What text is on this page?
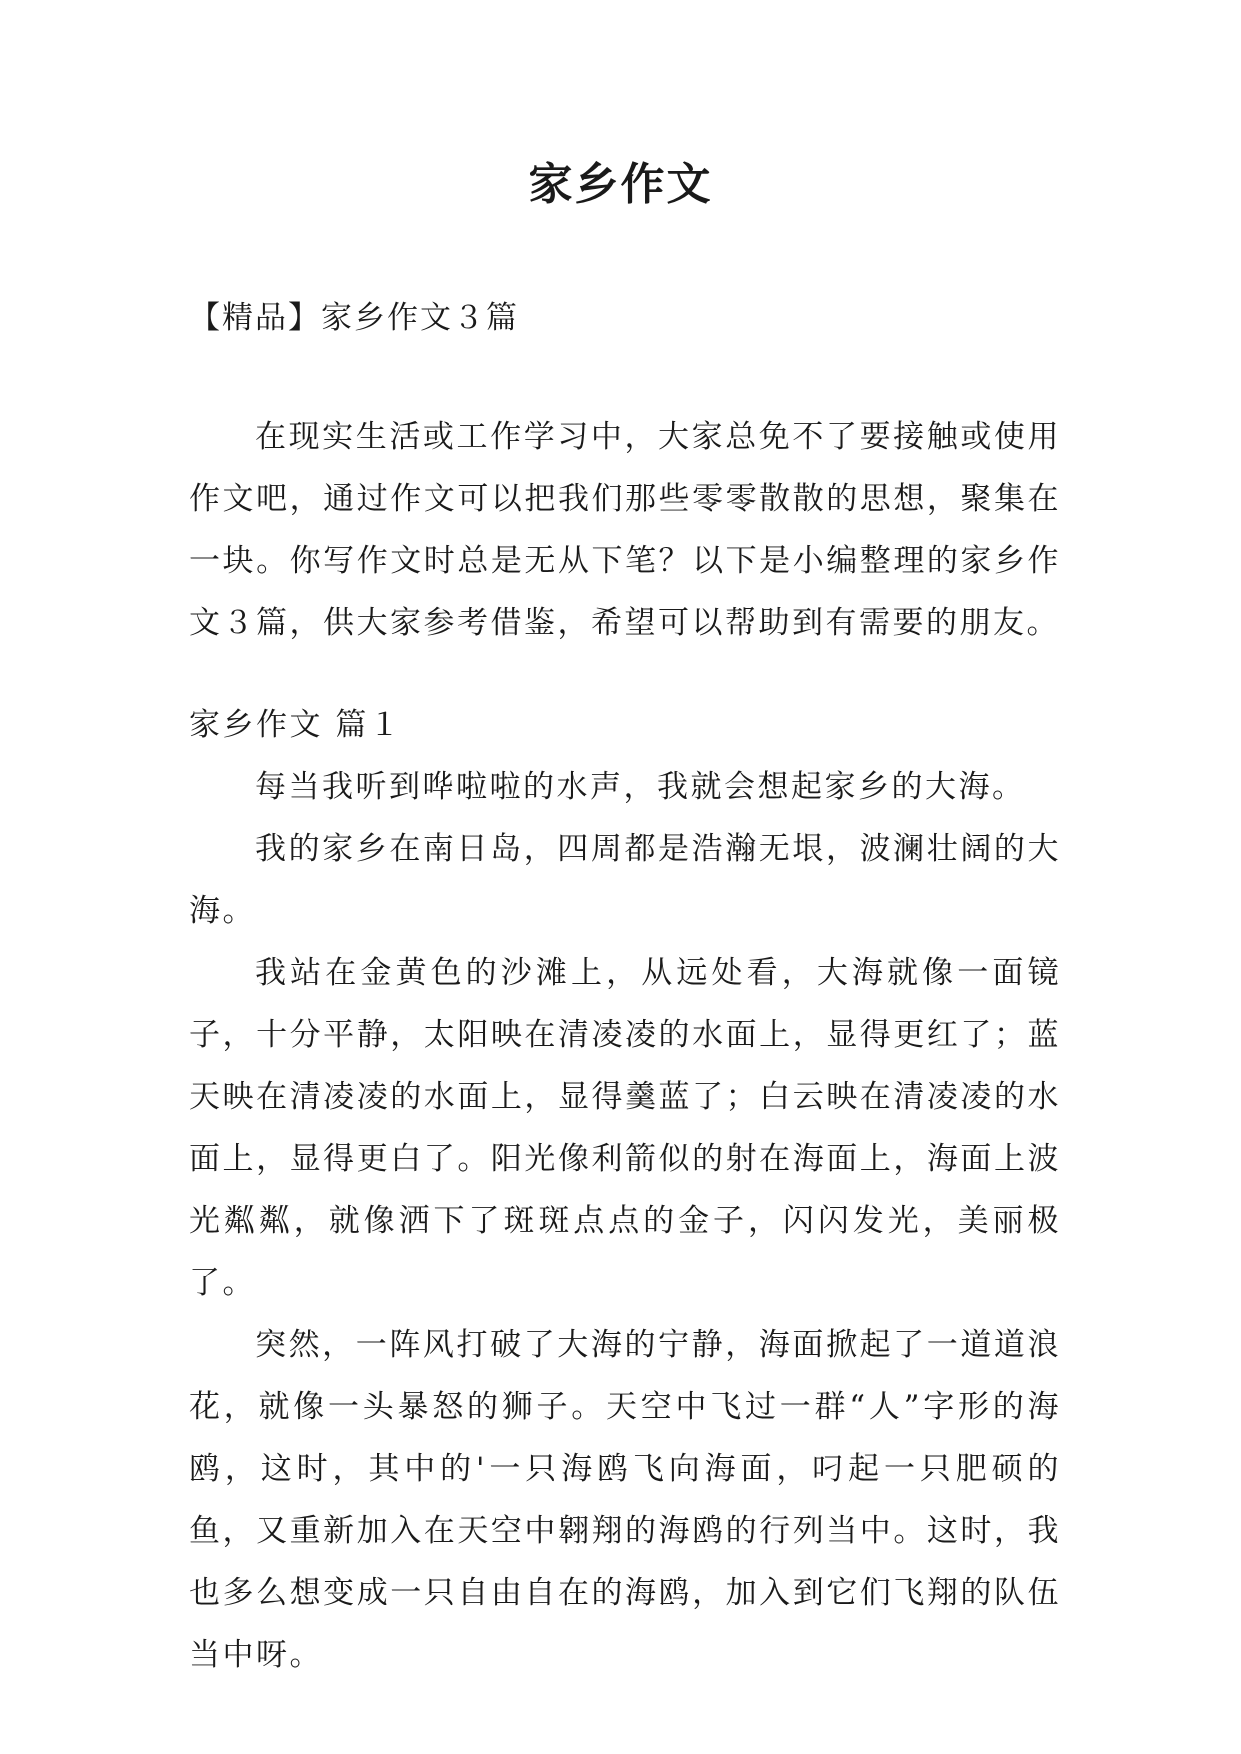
家乡作文
【精品】家乡作文３篇

在现实生活或工作学习中，大家总免不了要接触或使用作文吧，通过作文可以把我们那些零零散散的思想，聚集在一块。你写作文时总是无从下笔？以下是小编整理的家乡作文３篇，供大家参考借鉴，希望可以帮助到有需要的朋友。

家乡作文 篇１

每当我听到哗啦啦的水声，我就会想起家乡的大海。

我的家乡在南日岛，四周都是浩瀚无垠，波澜壮阔的大海。

我站在金黄色的沙滩上，从远处看，大海就像一面镜子，十分平静，太阳映在清凌凌的水面上，显得更红了；蓝天映在清凌凌的水面上，显得羹蓝了；白云映在清凌凌的水面上，显得更白了。阳光像利箭似的射在海面上，海面上波光粼粼，就像洒下了斑斑点点的金子，闪闪发光，美丽极了。

突然，一阵风打破了大海的宁静，海面掀起了一道道浪花，就像一头暴怒的狮子。天空中飞过一群“人”字形的海鸥，这时，其中的'一只海鸥飞向海面，叼起一只肥硕的鱼，又重新加入在天空中翱翔的海鸥的行列当中。这时，我也多么想变成一只自由自在的海鸥，加入到它们飞翔的队伍当中呀。
